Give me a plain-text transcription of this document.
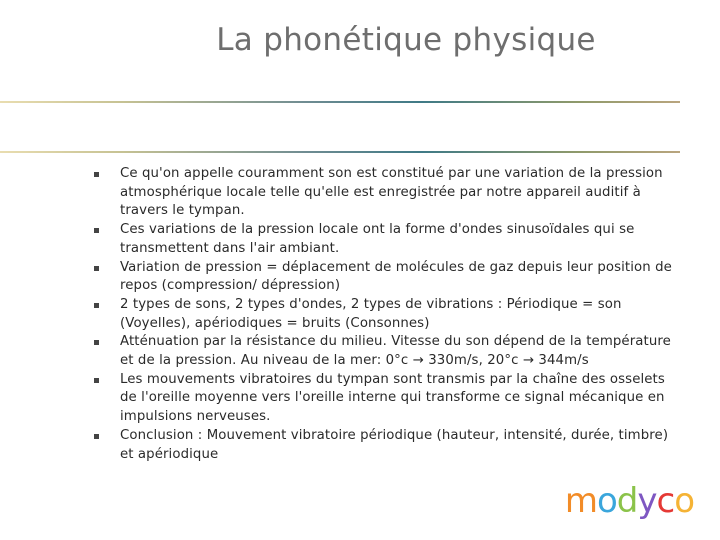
La phonétique physique
Ce qu'on appelle couramment son est constitué par une variation de la pression atmosphérique locale telle qu'elle est enregistrée par notre appareil auditif à travers le tympan.
Ces variations de la pression locale ont la forme d'ondes sinusoïdales qui se transmettent dans l'air ambiant.
Variation de pression = déplacement de molécules de gaz depuis leur position de repos (compression/ dépression)
2 types de sons, 2 types d'ondes, 2 types de vibrations : Périodique = son (Voyelles), apériodiques = bruits (Consonnes)
Atténuation par la résistance du milieu. Vitesse du son dépend de la température et de la pression. Au niveau de la mer: 0°c → 330m/s, 20°c → 344m/s
Les mouvements vibratoires du tympan sont transmis par la chaîne des osselets de l'oreille moyenne vers l'oreille interne qui transforme ce signal mécanique en impulsions nerveuses.
Conclusion : Mouvement vibratoire périodique (hauteur, intensité, durée, timbre) et apériodique
modyco
